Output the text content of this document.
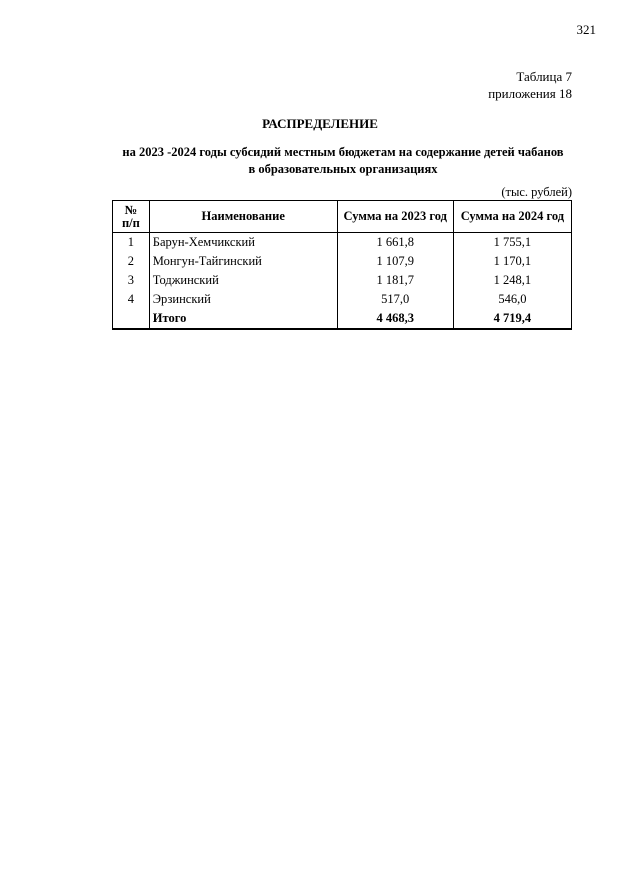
321
Таблица 7
приложения 18
РАСПРЕДЕЛЕНИЕ
на 2023 -2024 годы субсидий местным бюджетам на содержание детей чабанов
в образовательных организациях
(тыс. рублей)
№
п/п	Наименование	Сумма на 2023 год	Сумма на 2024 год
1	Барун-Хемчикский	1 661,8	1 755,1
2	Монгун-Тайгинский	1 107,9	1 170,1
3	Тоджинский	1 181,7	1 248,1
4	Эрзинский	517,0	546,0
	Итого	4 468,3	4 719,4
